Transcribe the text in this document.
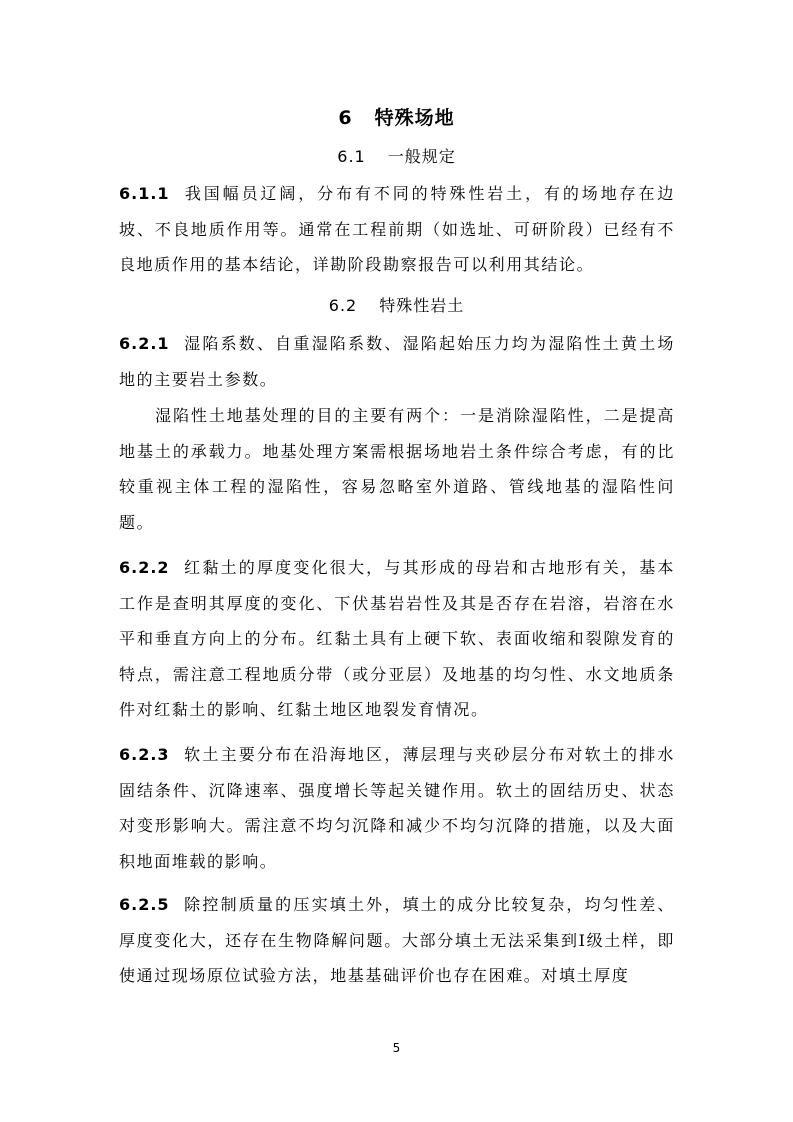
6 特殊场地
6.1 一般规定
6.1.1 我国幅员辽阔，分布有不同的特殊性岩土，有的场地存在边坡、不良地质作用等。通常在工程前期（如选址、可研阶段）已经有不良地质作用的基本结论，详勘阶段勘察报告可以利用其结论。
6.2 特殊性岩土
6.2.1 湿陷系数、自重湿陷系数、湿陷起始压力均为湿陷性土黄土场地的主要岩土参数。
湿陷性土地基处理的目的主要有两个：一是消除湿陷性，二是提高地基土的承载力。地基处理方案需根据场地岩土条件综合考虑，有的比较重视主体工程的湿陷性，容易忽略室外道路、管线地基的湿陷性问题。
6.2.2 红黏土的厚度变化很大，与其形成的母岩和古地形有关，基本工作是查明其厚度的变化、下伏基岩岩性及其是否存在岩溶，岩溶在水平和垂直方向上的分布。红黏土具有上硬下软、表面收缩和裂隙发育的特点，需注意工程地质分带（或分亚层）及地基的均匀性、水文地质条件对红黏土的影响、红黏土地区地裂发育情况。
6.2.3 软土主要分布在沿海地区，薄层理与夹砂层分布对软土的排水固结条件、沉降速率、强度增长等起关键作用。软土的固结历史、状态对变形影响大。需注意不均匀沉降和减少不均匀沉降的措施，以及大面积地面堆载的影响。
6.2.5 除控制质量的压实填土外，填土的成分比较复杂，均匀性差、厚度变化大，还存在生物降解问题。大部分填土无法采集到Ⅰ级土样，即使通过现场原位试验方法，地基基础评价也存在困难。对填土厚度
5
